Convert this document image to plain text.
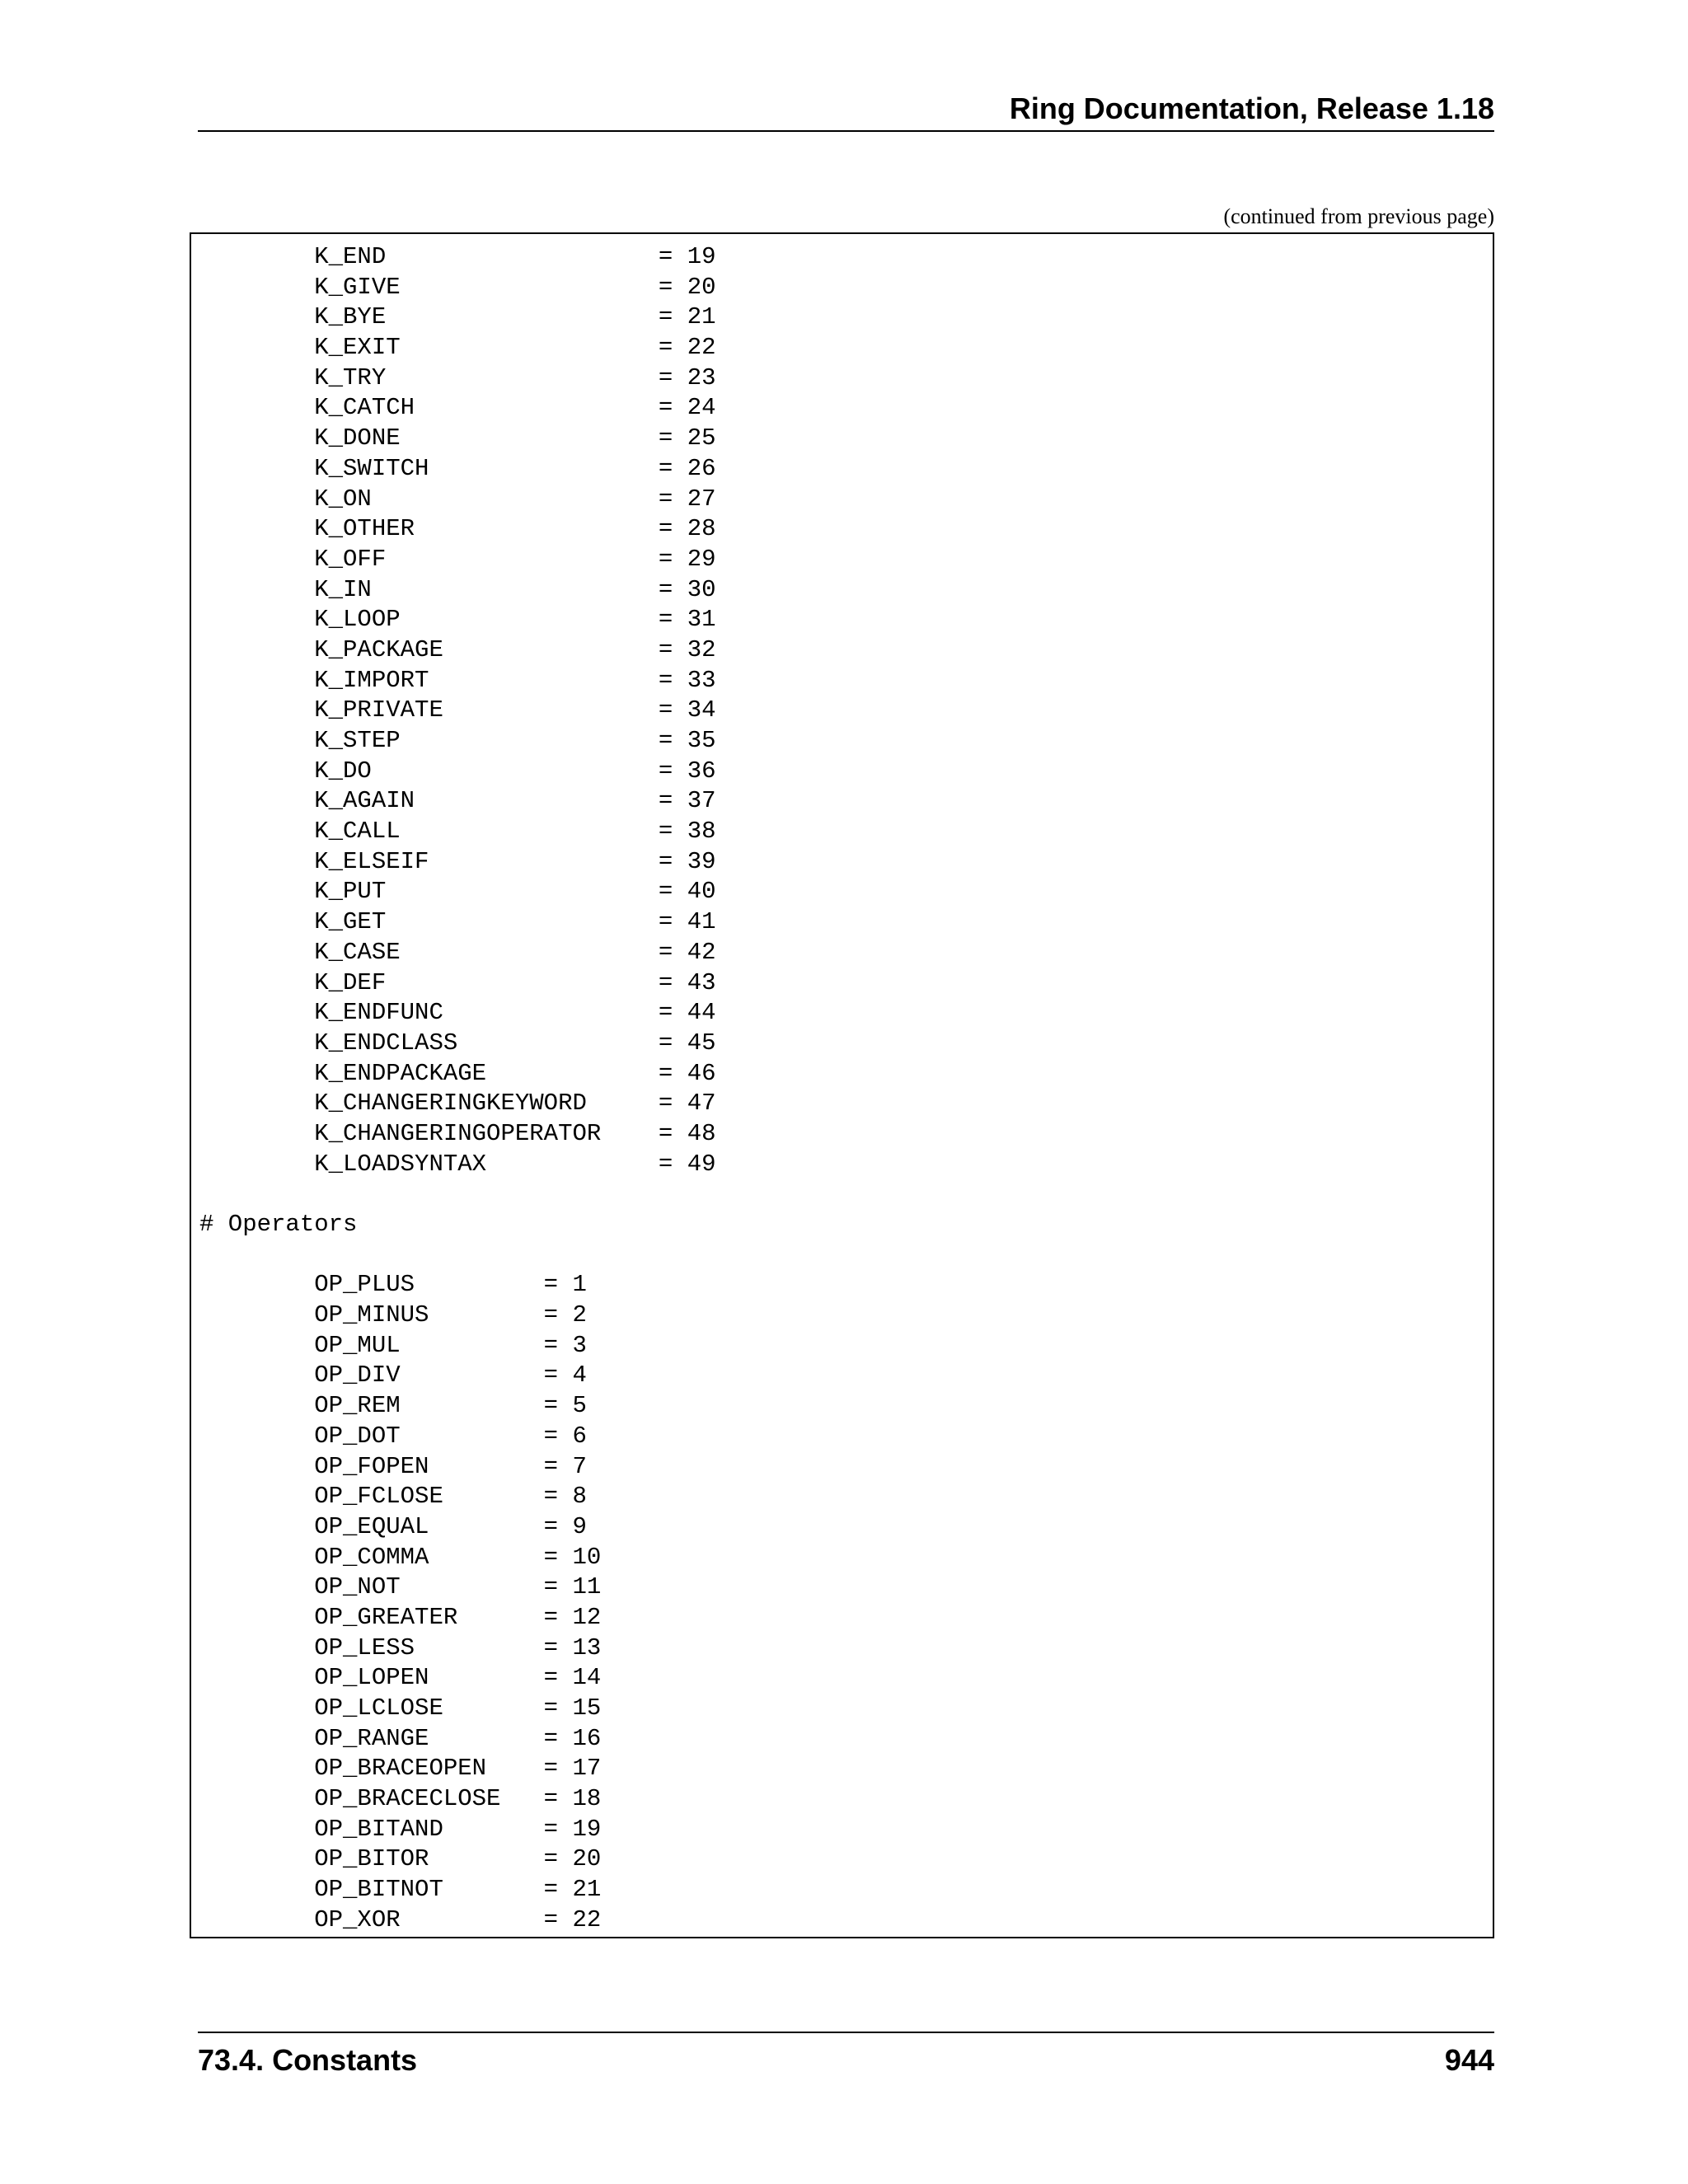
Ring Documentation, Release 1.18
(continued from previous page)
K_END                   = 19
K_GIVE                  = 20
K_BYE                   = 21
K_EXIT                  = 22
K_TRY                   = 23
K_CATCH                 = 24
K_DONE                  = 25
K_SWITCH                = 26
K_ON                    = 27
K_OTHER                 = 28
K_OFF                   = 29
K_IN                    = 30
K_LOOP                  = 31
K_PACKAGE               = 32
K_IMPORT                = 33
K_PRIVATE               = 34
K_STEP                  = 35
K_DO                    = 36
K_AGAIN                 = 37
K_CALL                  = 38
K_ELSEIF                = 39
K_PUT                   = 40
K_GET                   = 41
K_CASE                  = 42
K_DEF                   = 43
K_ENDFUNC               = 44
K_ENDCLASS              = 45
K_ENDPACKAGE            = 46
K_CHANGERINGKEYWORD     = 47
K_CHANGERINGOPERATOR    = 48
K_LOADSYNTAX            = 49
# Operators
OP_PLUS         = 1
OP_MINUS        = 2
OP_MUL          = 3
OP_DIV          = 4
OP_REM          = 5
OP_DOT          = 6
OP_FOPEN        = 7
OP_FCLOSE       = 8
OP_EQUAL        = 9
OP_COMMA        = 10
OP_NOT          = 11
OP_GREATER      = 12
OP_LESS         = 13
OP_LOPEN        = 14
OP_LCLOSE       = 15
OP_RANGE        = 16
OP_BRACEOPEN    = 17
OP_BRACECLOSE   = 18
OP_BITAND       = 19
OP_BITOR        = 20
OP_BITNOT       = 21
OP_XOR          = 22
73.4. Constants	944
